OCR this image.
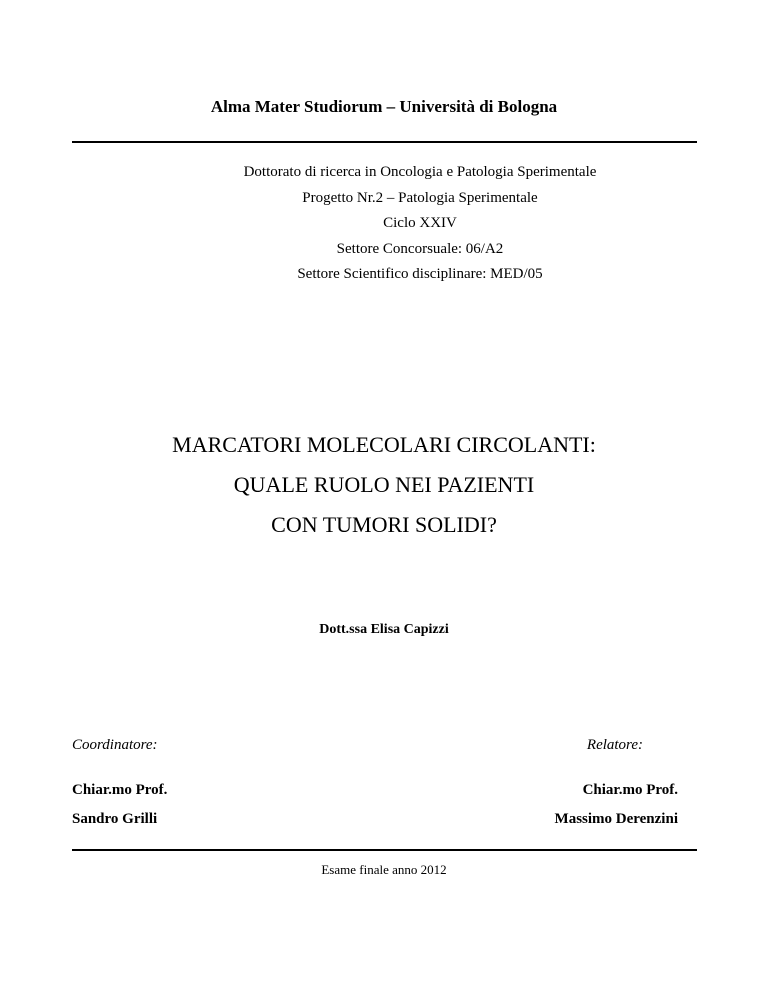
Alma Mater Studiorum – Università di Bologna
Dottorato di ricerca in Oncologia e Patologia Sperimentale
Progetto Nr.2 – Patologia Sperimentale
Ciclo XXIV
Settore Concorsuale: 06/A2
Settore Scientifico disciplinare: MED/05
MARCATORI MOLECOLARI CIRCOLANTI:
QUALE RUOLO NEI PAZIENTI
CON TUMORI SOLIDI?
Dott.ssa Elisa Capizzi
Coordinatore:	Relatore:
Chiar.mo Prof.
Sandro Grilli
Chiar.mo Prof.
Massimo Derenzini
Esame finale anno 2012
